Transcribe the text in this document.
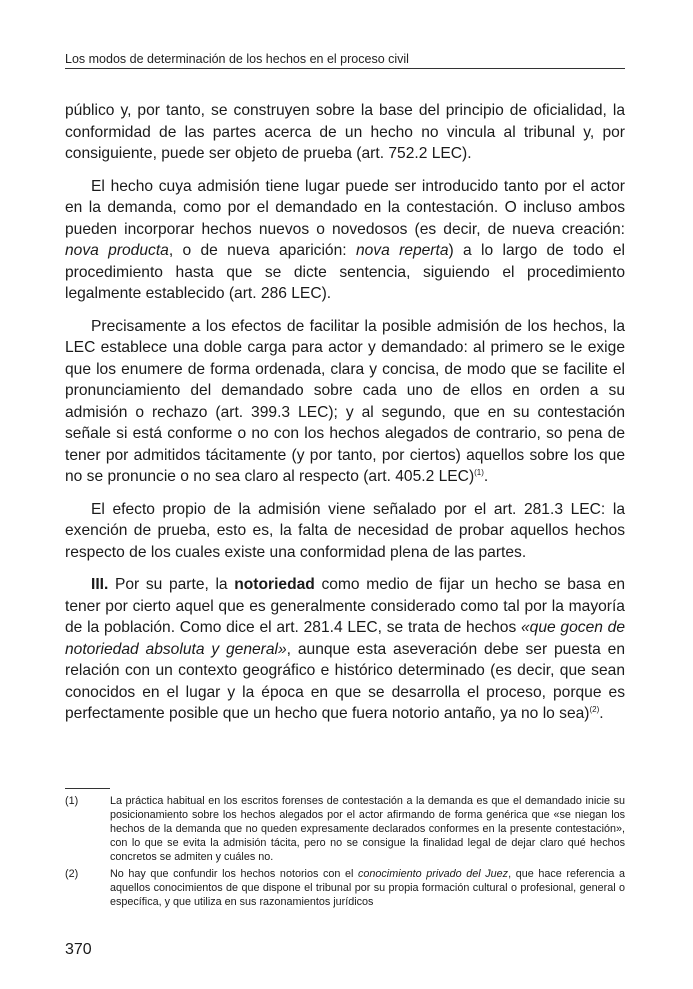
Los modos de determinación de los hechos en el proceso civil

público y, por tanto, se construyen sobre la base del principio de oficialidad, la conformidad de las partes acerca de un hecho no vincula al tribunal y, por consiguiente, puede ser objeto de prueba (art. 752.2 LEC).

El hecho cuya admisión tiene lugar puede ser introducido tanto por el actor en la demanda, como por el demandado en la contestación. O incluso ambos pueden incorporar hechos nuevos o novedosos (es decir, de nueva creación: nova producta, o de nueva aparición: nova reperta) a lo largo de todo el procedimiento hasta que se dicte sentencia, siguiendo el procedimiento legalmente establecido (art. 286 LEC).

Precisamente a los efectos de facilitar la posible admisión de los hechos, la LEC establece una doble carga para actor y demandado: al primero se le exige que los enumere de forma ordenada, clara y concisa, de modo que se facilite el pronunciamiento del demandado sobre cada uno de ellos en orden a su admisión o rechazo (art. 399.3 LEC); y al segundo, que en su contestación señale si está conforme o no con los hechos alegados de contrario, so pena de tener por admitidos tácitamente (y por tanto, por ciertos) aquellos sobre los que no se pronuncie o no sea claro al respecto (art. 405.2 LEC)$^{(1)}$.

El efecto propio de la admisión viene señalado por el art. 281.3 LEC: la exención de prueba, esto es, la falta de necesidad de probar aquellos hechos respecto de los cuales existe una conformidad plena de las partes.

III. Por su parte, la notoriedad como medio de fijar un hecho se basa en tener por cierto aquel que es generalmente considerado como tal por la mayoría de la población. Como dice el art. 281.4 LEC, se trata de hechos «que gocen de notoriedad absoluta y general», aunque esta aseveración debe ser puesta en relación con un contexto geográfico e histórico determinado (es decir, que sean conocidos en el lugar y la época en que se desarrolla el proceso, porque es perfectamente posible que un hecho que fuera notorio antaño, ya no lo sea)$^{(2)}$.

(1)	La práctica habitual en los escritos forenses de contestación a la demanda es que el demandado inicie su posicionamiento sobre los hechos alegados por el actor afirmando de forma genérica que «se niegan los hechos de la demanda que no queden expresamente declarados conformes en la presente contestación», con lo que se evita la admisión tácita, pero no se consigue la finalidad legal de dejar claro qué hechos concretos se admiten y cuáles no.
(2)	No hay que confundir los hechos notorios con el conocimiento privado del Juez, que hace referencia a aquellos conocimientos de que dispone el tribunal por su propia formación cultural o profesional, general o específica, y que utiliza en sus razonamientos jurídicos
370
